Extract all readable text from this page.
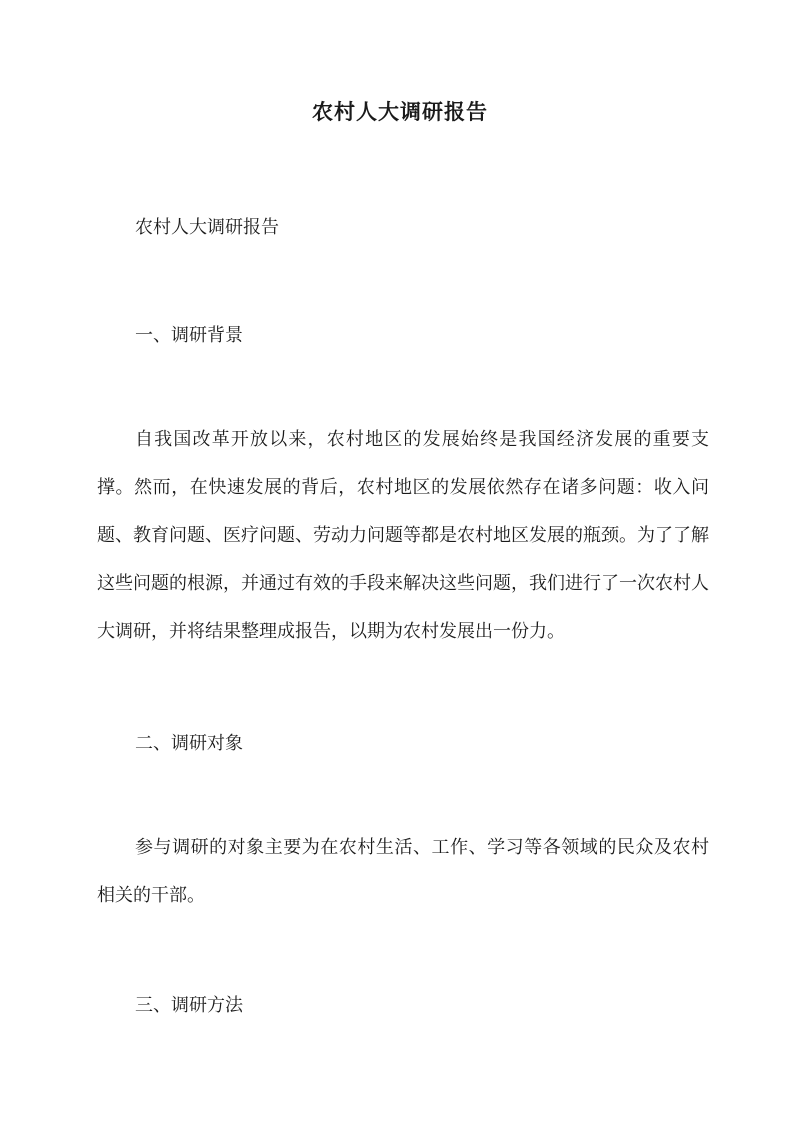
农村人大调研报告

农村人大调研报告

一、调研背景

自我国改革开放以来，农村地区的发展始终是我国经济发展的重要支撑。然而，在快速发展的背后，农村地区的发展依然存在诸多问题：收入问题、教育问题、医疗问题、劳动力问题等都是农村地区发展的瓶颈。为了了解这些问题的根源，并通过有效的手段来解决这些问题，我们进行了一次农村人大调研，并将结果整理成报告，以期为农村发展出一份力。

二、调研对象

参与调研的对象主要为在农村生活、工作、学习等各领域的民众及农村相关的干部。

三、调研方法
